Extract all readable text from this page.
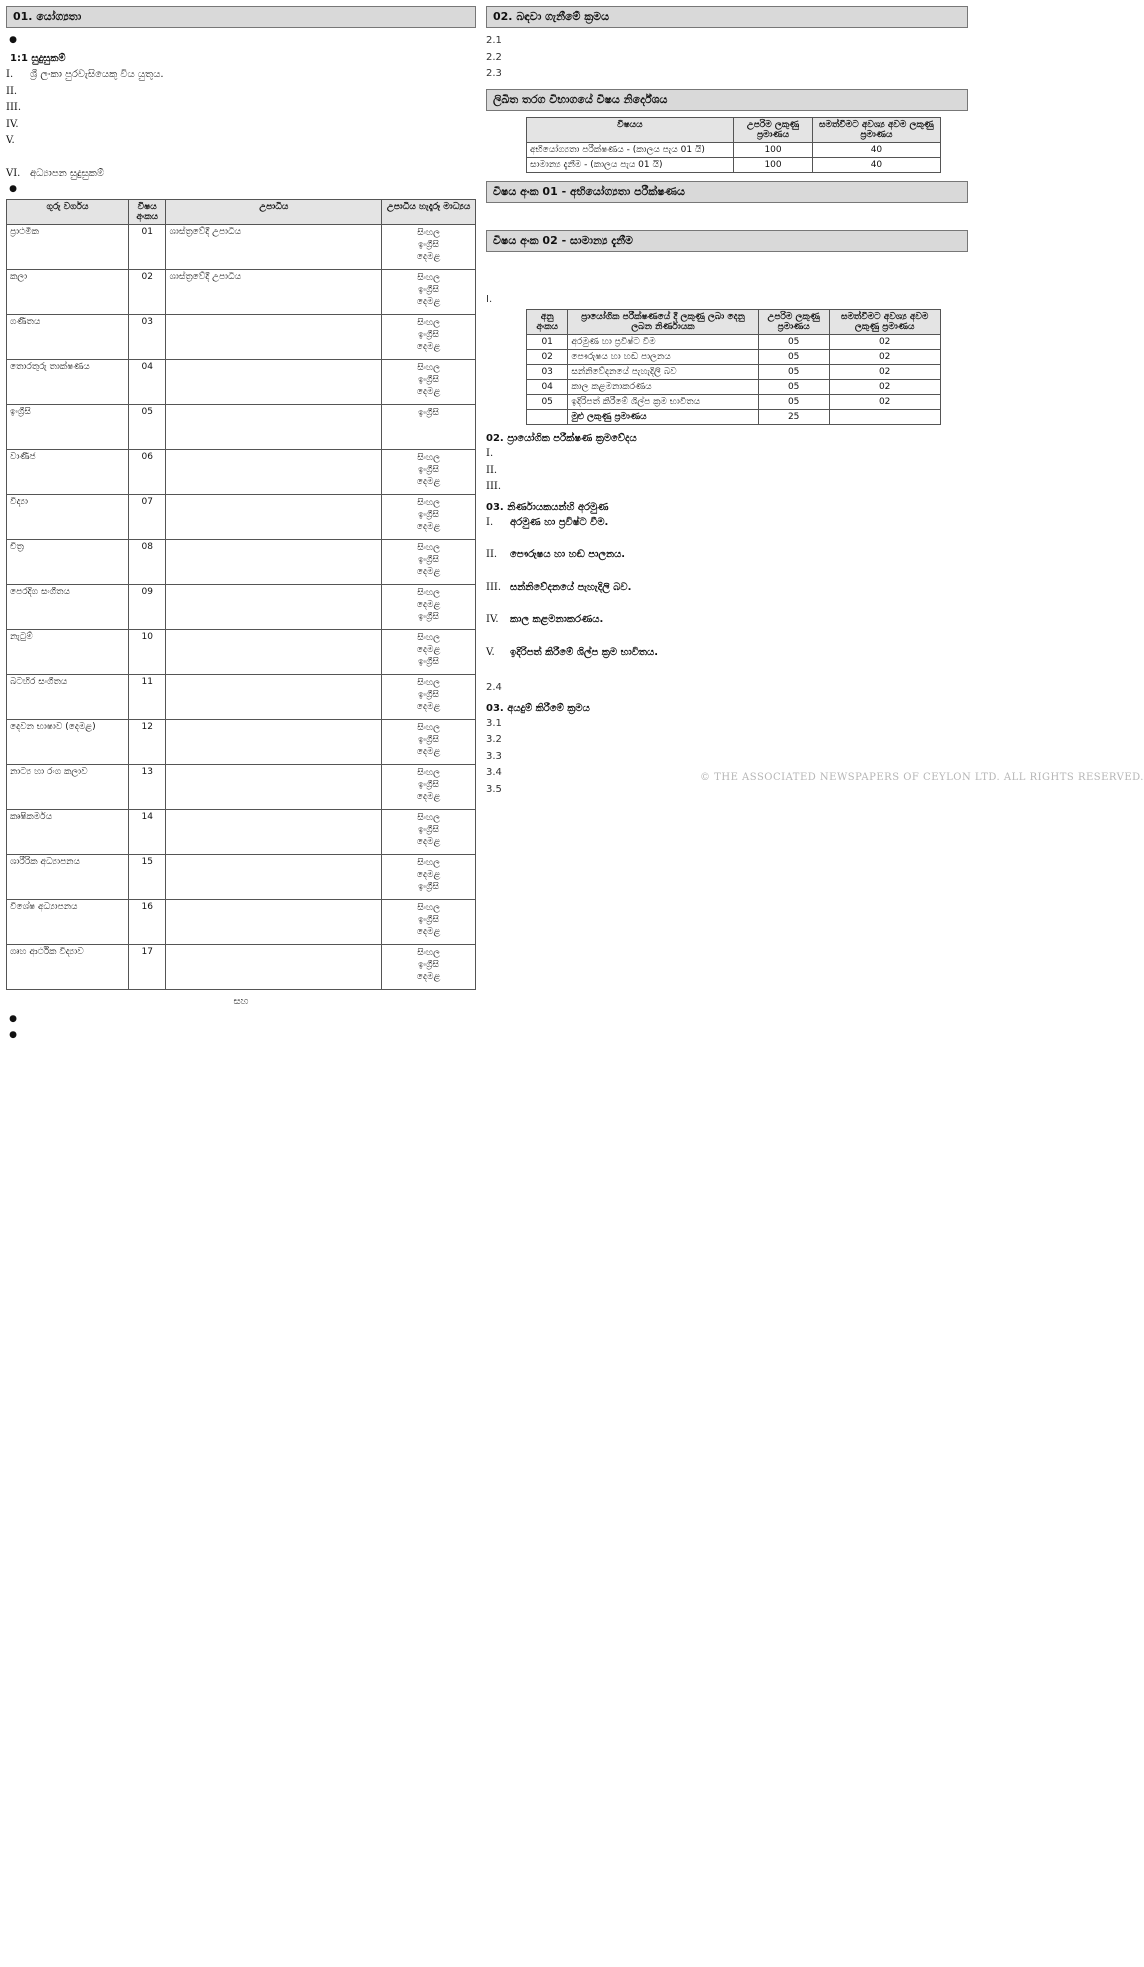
© THE ASSOCIATED NEWSPAPERS OF CEYLON LTD. ALL RIGHTS RESERVED.
01. යෝග්‍යතා
●
1:1 සුදුසුකම්
I.	ශ්‍රී ලංකා පුරවැසියෙකු විය යුතුය.
II.
III.
IV.
V.
VI. අධ්‍යාපන සුදුසුකම්
●
ගුරු වර්ගය	විෂය අංකය	උපාධිය	උපාධිය හැදෑරූ මාධ්‍යය
ප්‍රාථමික	01	ශාස්ත්‍රවේදී උපාධිය	සිංහල
ඉංග්‍රීසි
දෙමළ

කලා	02	ශාස්ත්‍රවේදී උපාධිය	සිංහල
ඉංග්‍රීසි
දෙමළ

ගණිතය	03		සිංහල
ඉංග්‍රීසි
දෙමළ

තොරතුරු තාක්ෂණය	04		සිංහල
ඉංග්‍රීසි
දෙමළ

ඉංග්‍රීසි	05		ඉංග්‍රීසි

වාණිජ	06		සිංහල
ඉංග්‍රීසි
දෙමළ

විද්‍යා	07		සිංහල
ඉංග්‍රීසි
දෙමළ

චිත්‍ර	08		සිංහල
ඉංග්‍රීසි
දෙමළ

පෙරදිග සංගීතය	09		සිංහල
දෙමළ
ඉංග්‍රීසි

නැටුම්	10		සිංහල
දෙමළ
ඉංග්‍රීසි

බටහිර සංගීතය	11		සිංහල
ඉංග්‍රීසි
දෙමළ

දෙවන භාෂාව (දෙමළ)	12		සිංහල
ඉංග්‍රීසි
දෙමළ

නාට්‍ය හා රංග කලාව	13		සිංහල
ඉංග්‍රීසි
දෙමළ

කෘෂිකර්මය	14		සිංහල
ඉංග්‍රීසි
දෙමළ

ශාරීරික අධ්‍යාපනය	15		සිංහල
දෙමළ
ඉංග්‍රීසි

විශේෂ අධ්‍යාපනය	16		සිංහල
ඉංග්‍රීසි
දෙමළ

ගෘහ ආර්ථික විද්‍යාව	17		සිංහල
ඉංග්‍රීසි
දෙමළ
සහ
●
●
02. බඳවා ගැනීමේ ක්‍රමය
2.1
2.2
2.3
ලිඛිත තරග විභාගයේ විෂය නිර්දේශය
විෂයය	උපරිම ලකුණු ප්‍රමාණය	සමත්වීමට අවශ්‍ය අවම ලකුණු ප්‍රමාණය
අභියෝග්‍යතා පරීක්ෂණය - (කාලය පැය 01 යි)	100	40
සාමාන්‍ය දැනීම - (කාලය පැය 01 යි)	100	40
විෂය අංක 01 - අභියෝග්‍යතා පරීක්ෂණය
විෂය අංක 02 - සාමාන්‍ය දැනීම
I.
අනු අංකය	ප්‍රායෝගික පරීක්ෂණයේ දී ලකුණු ලබා දෙනු ලබන නිර්ණායක	උපරිම ලකුණු ප්‍රමාණය	සමත්වීමට අවශ්‍ය අවම ලකුණු ප්‍රමාණය
01	අරමුණ හා ප්‍රවිෂ්ට වීම	05	02
02	පෞරුෂය හා හඬ පාලනය	05	02
03	සන්නිවේදනයේ පැහැදිලි බව	05	02
04	කාල කළමනාකරණය	05	02
05	ඉදිරිපත් කිරීමේ ශිල්ප ක්‍රම භාවිතය	05	02
	මුළු ලකුණු ප්‍රමාණය	25	
02. ප්‍රායෝගික පරීක්ෂණ ක්‍රමවේදය
I.
II.
III.
03. නිර්ණායකයන්හි අරමුණ
I.	අරමුණ හා ප්‍රවිෂ්ට වීම.
II.	පෞරුෂය හා හඬ පාලනය.
III. සන්නිවේදනයේ පැහැදිලි බව.
IV.	කාල කළමනාකරණය.
V.	ඉදිරිපත් කිරීමේ ශිල්ප ක්‍රම භාවිතය.
2.4
03. අයදුම් කිරීමේ ක්‍රමය
3.1
3.2
3.3
3.4
3.5
